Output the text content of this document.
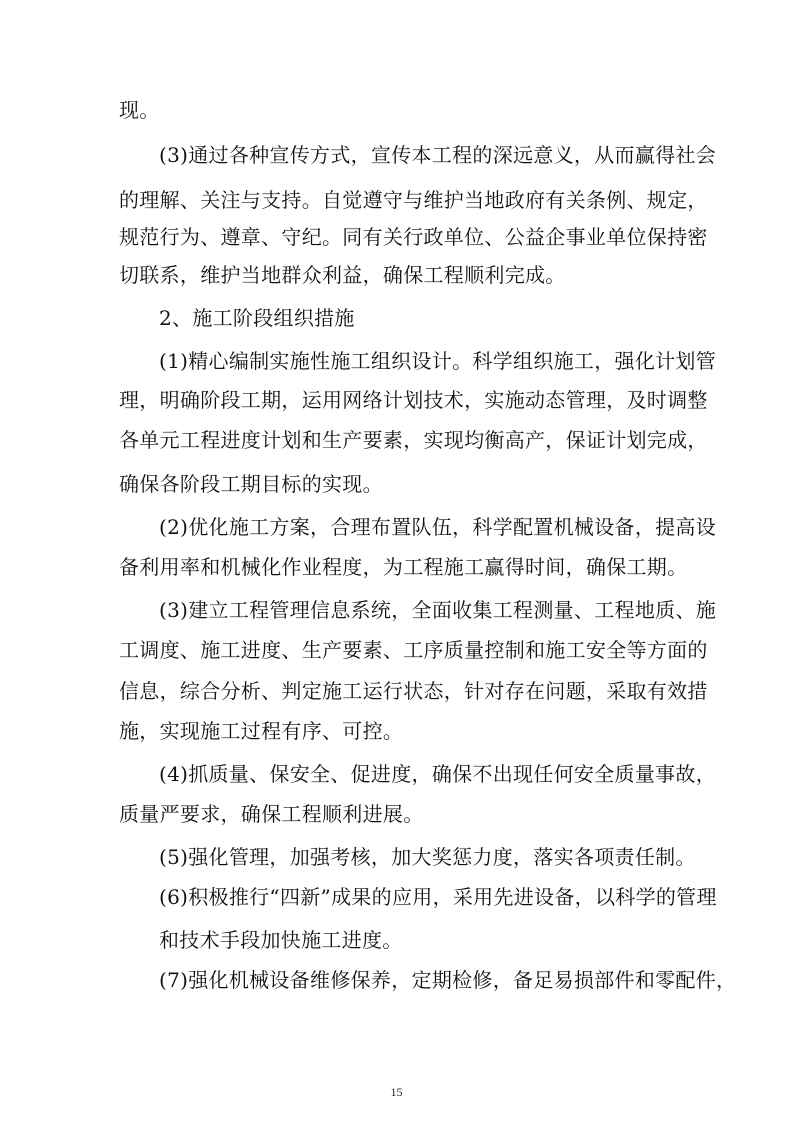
现。
(3)通过各种宣传方式，宣传本工程的深远意义，从而赢得社会
的理解、关注与支持。自觉遵守与维护当地政府有关条例、规定，
规范行为、遵章、守纪。同有关行政单位、公益企事业单位保持密
切联系，维护当地群众利益，确保工程顺利完成。
2、施工阶段组织措施
(1)精心编制实施性施工组织设计。科学组织施工，强化计划管
理，明确阶段工期，运用网络计划技术，实施动态管理，及时调整
各单元工程进度计划和生产要素，实现均衡高产，保证计划完成，
确保各阶段工期目标的实现。
(2)优化施工方案，合理布置队伍，科学配置机械设备，提高设
备利用率和机械化作业程度，为工程施工赢得时间，确保工期。
(3)建立工程管理信息系统，全面收集工程测量、工程地质、施
工调度、施工进度、生产要素、工序质量控制和施工安全等方面的
信息，综合分析、判定施工运行状态，针对存在问题，采取有效措
施，实现施工过程有序、可控。
(4)抓质量、保安全、促进度，确保不出现任何安全质量事故，
质量严要求，确保工程顺利进展。
(5)强化管理，加强考核，加大奖惩力度，落实各项责任制。
(6)积极推行“四新”成果的应用，采用先进设备，以科学的管理
和技术手段加快施工进度。
(7)强化机械设备维修保养，定期检修，备足易损部件和零配件，
15
